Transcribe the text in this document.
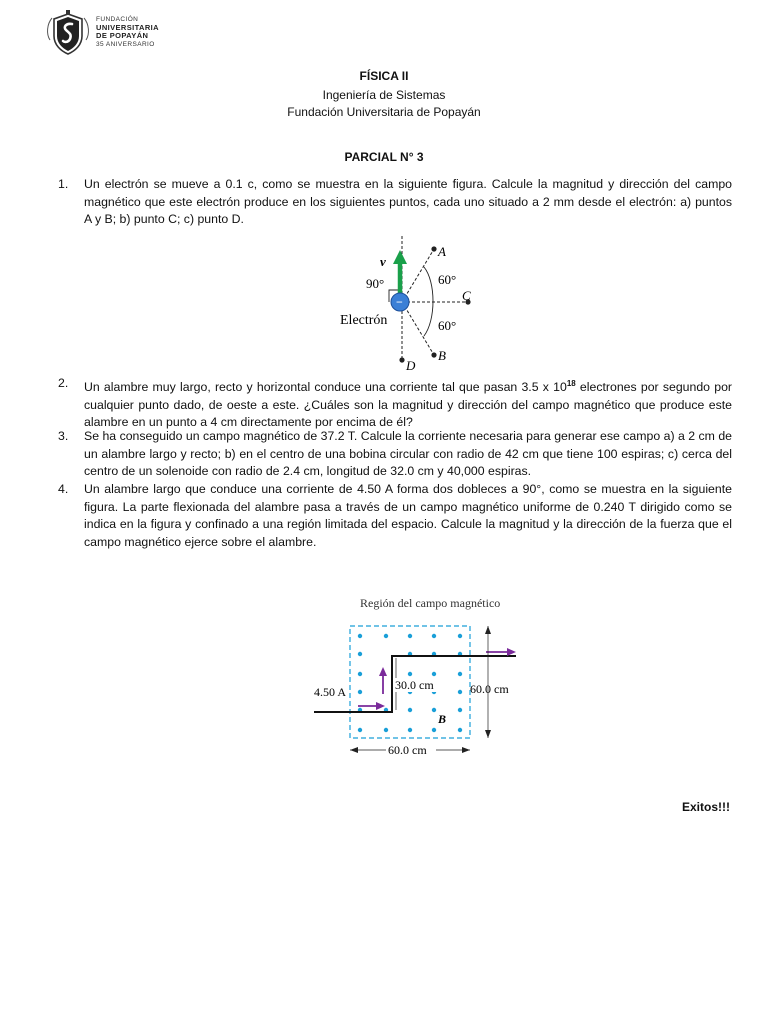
FUNDACIÓN
UNIVERSITARIA
DE POPAYÁN
35 ANIVERSARIO
FÍSICA II
Ingeniería de Sistemas
Fundación Universitaria de Popayán
PARCIAL N° 3
1. Un electrón se mueve a 0.1 c, como se muestra en la siguiente figura. Calcule la magnitud y dirección del campo magnético que este electrón produce en los siguientes puntos, cada uno situado a 2 mm desde el electrón: a) puntos A y B; b) punto C; c) punto D.
−
v
90°	60°
60°
A
B
C
D
Electrón
2. Un alambre muy largo, recto y horizontal conduce una corriente tal que pasan 3.5 x $10^{18}$ electrones por segundo por cualquier punto dado, de oeste a este. ¿Cuáles son la magnitud y dirección del campo magnético que produce este alambre en un punto a 4 cm directamente por encima de él?
3. Se ha conseguido un campo magnético de 37.2 T. Calcule la corriente necesaria para generar ese campo a) a 2 cm de un alambre largo y recto; b) en el centro de una bobina circular con radio de 42 cm que tiene 100 espiras; c) cerca del centro de un solenoide con radio de 2.4 cm, longitud de 32.0 cm y 40,000 espiras.
4. Un alambre largo que conduce una corriente de 4.50 A forma dos dobleces a 90°, como se muestra en la siguiente figura. La parte flexionada del alambre pasa a través de un campo magnético uniforme de 0.240 T dirigido como se indica en la figura y confinado a una región limitada del espacio. Calcule la magnitud y la dirección de la fuerza que el campo magnético ejerce sobre el alambre.
Región del campo magnético
4.50 A	30.0 cm	60.0 cm
60.0 cm
B
Exitos!!!
